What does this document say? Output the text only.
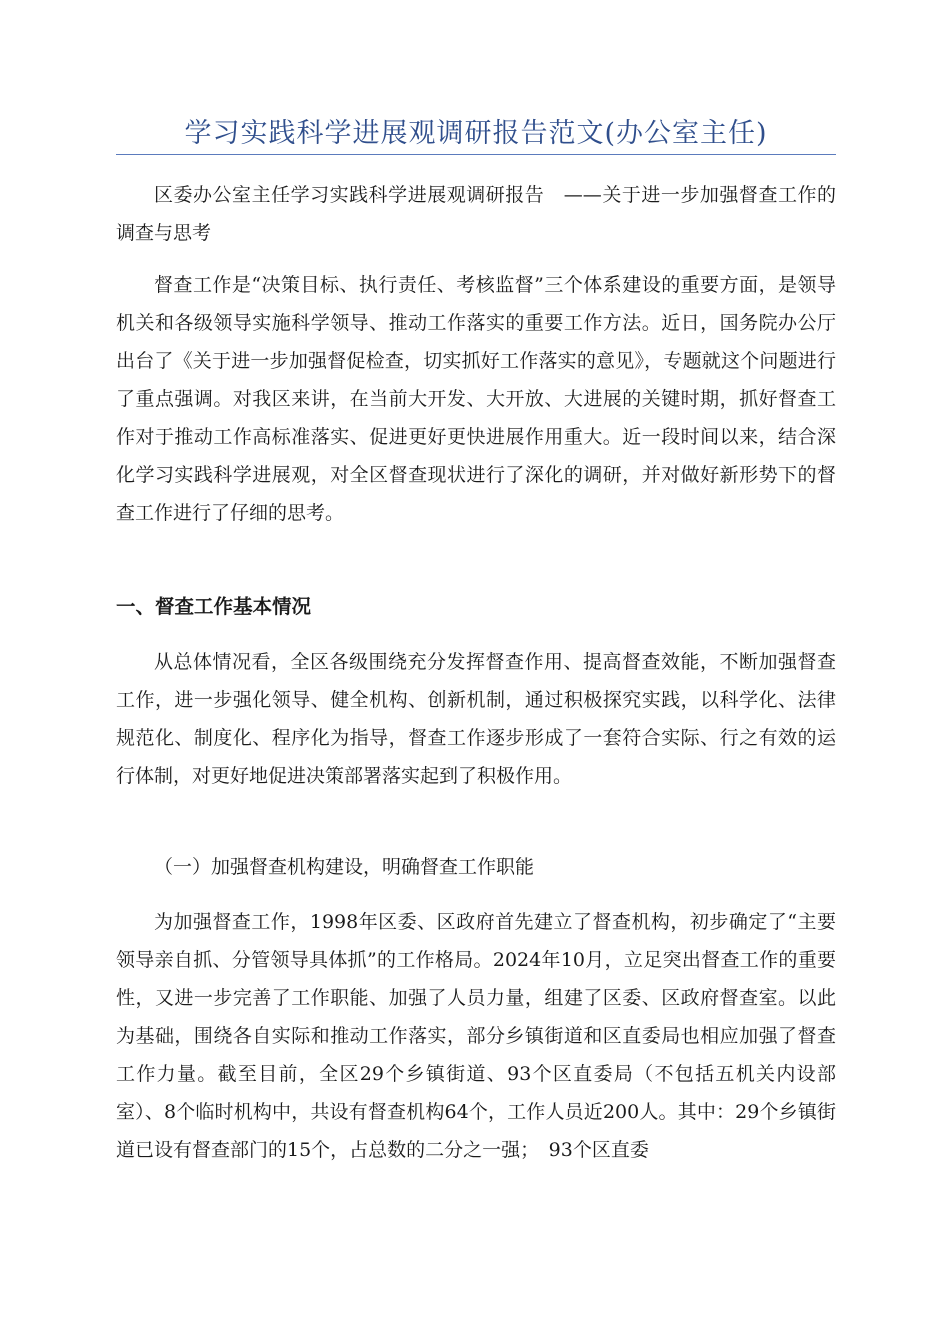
学习实践科学进展观调研报告范文(办公室主任)

区委办公室主任学习实践科学进展观调研报告　——关于进一步加强督查工作的调查与思考

督查工作是“决策目标、执行责任、考核监督”三个体系建设的重要方面，是领导机关和各级领导实施科学领导、推动工作落实的重要工作方法。近日，国务院办公厅出台了《关于进一步加强督促检查，切实抓好工作落实的意见》，专题就这个问题进行了重点强调。对我区来讲，在当前大开发、大开放、大进展的关键时期，抓好督查工作对于推动工作高标准落实、促进更好更快进展作用重大。近一段时间以来，结合深化学习实践科学进展观，对全区督查现状进行了深化的调研，并对做好新形势下的督查工作进行了仔细的思考。

一、督查工作基本情况

从总体情况看，全区各级围绕充分发挥督查作用、提高督查效能，不断加强督查工作，进一步强化领导、健全机构、创新机制，通过积极探究实践，以科学化、法律规范化、制度化、程序化为指导，督查工作逐步形成了一套符合实际、行之有效的运行体制，对更好地促进决策部署落实起到了积极作用。

（一）加强督查机构建设，明确督查工作职能

为加强督查工作，1998年区委、区政府首先建立了督查机构，初步确定了“主要领导亲自抓、分管领导具体抓”的工作格局。2024年10月，立足突出督查工作的重要性，又进一步完善了工作职能、加强了人员力量，组建了区委、区政府督查室。以此为基础，围绕各自实际和推动工作落实，部分乡镇街道和区直委局也相应加强了督查工作力量。截至目前，全区29个乡镇街道、93个区直委局（不包括五机关内设部室）、8个临时机构中，共设有督查机构64个，工作人员近200人。其中：29个乡镇街道已设有督查部门的15个，占总数的二分之一强；　93个区直委
